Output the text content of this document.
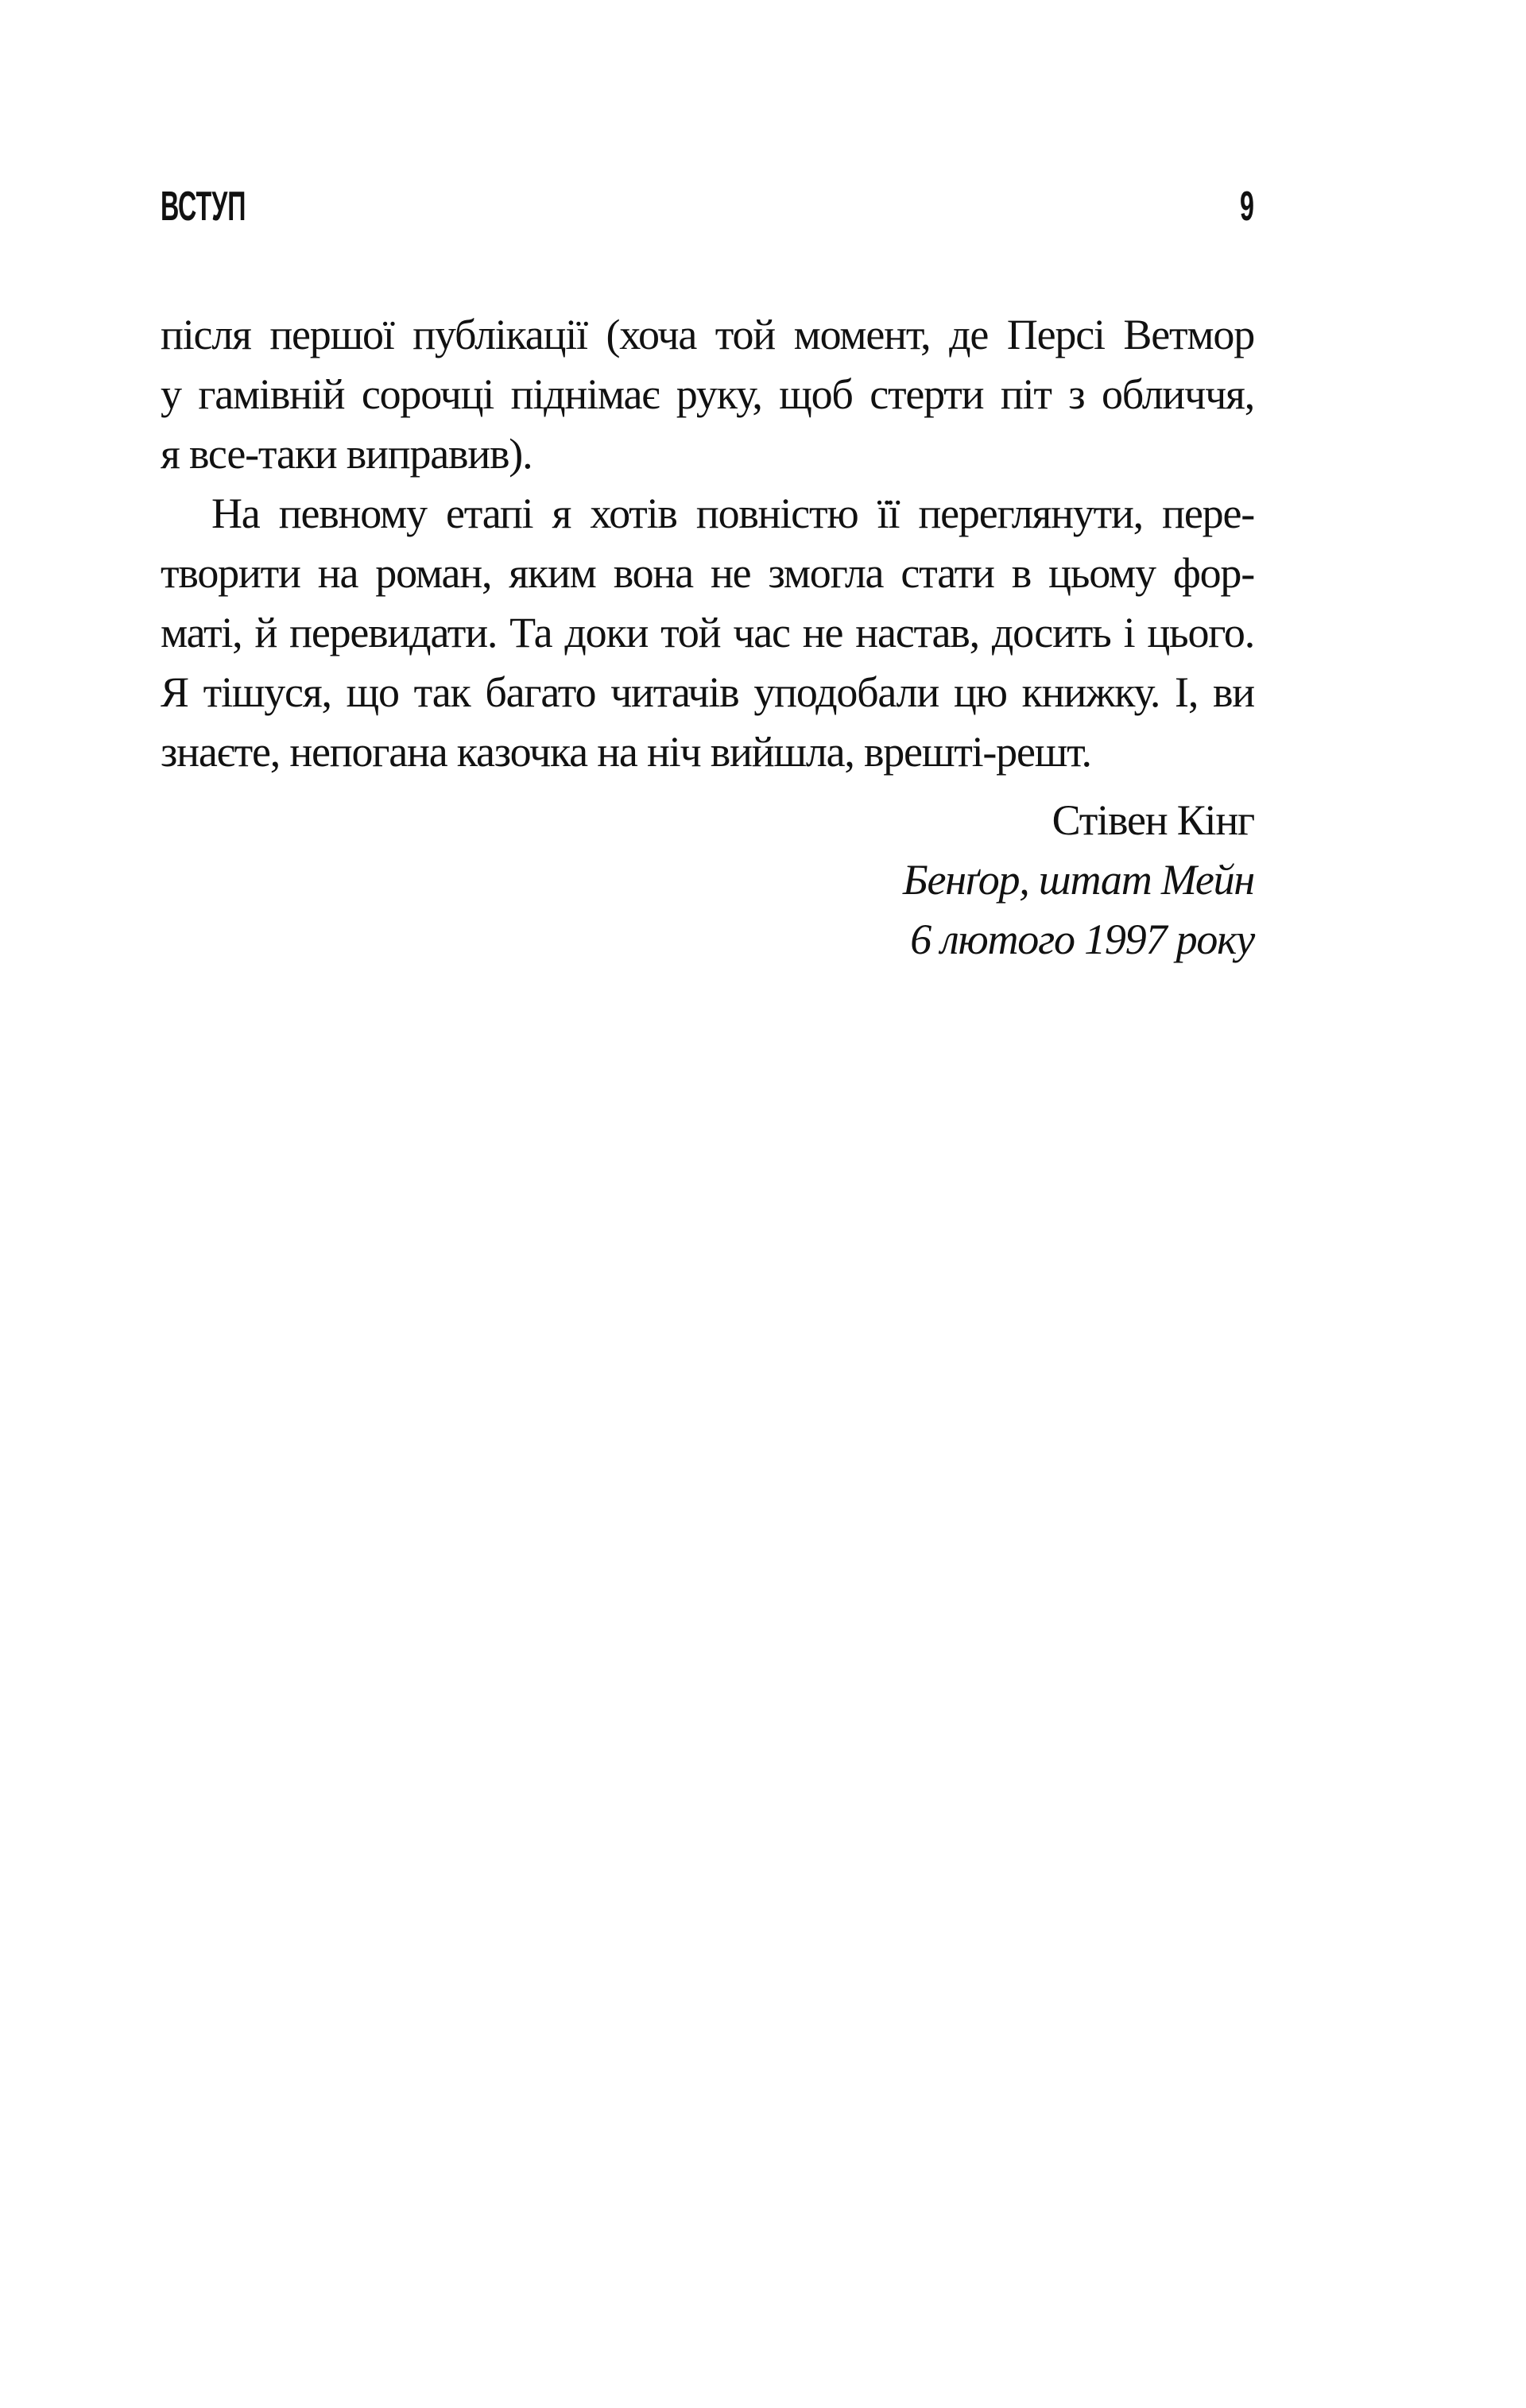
ВСТУП	9
після першої публікації (хоча той момент, де Персі Ветмор
у гамівній сорочці піднімає руку, щоб стерти піт з обличчя,
я все-таки виправив).
На певному етапі я хотів повністю її переглянути, пере-
творити на роман, яким вона не змогла стати в цьому фор-
маті, й перевидати. Та доки той час не настав, досить і цього.
Я тішуся, що так багато читачів уподобали цю книжку. І, ви
знаєте, непогана казочка на ніч вийшла, врешті-решт.
Стівен Кінг
Бенґор, штат Мейн
6 лютого 1997 року
